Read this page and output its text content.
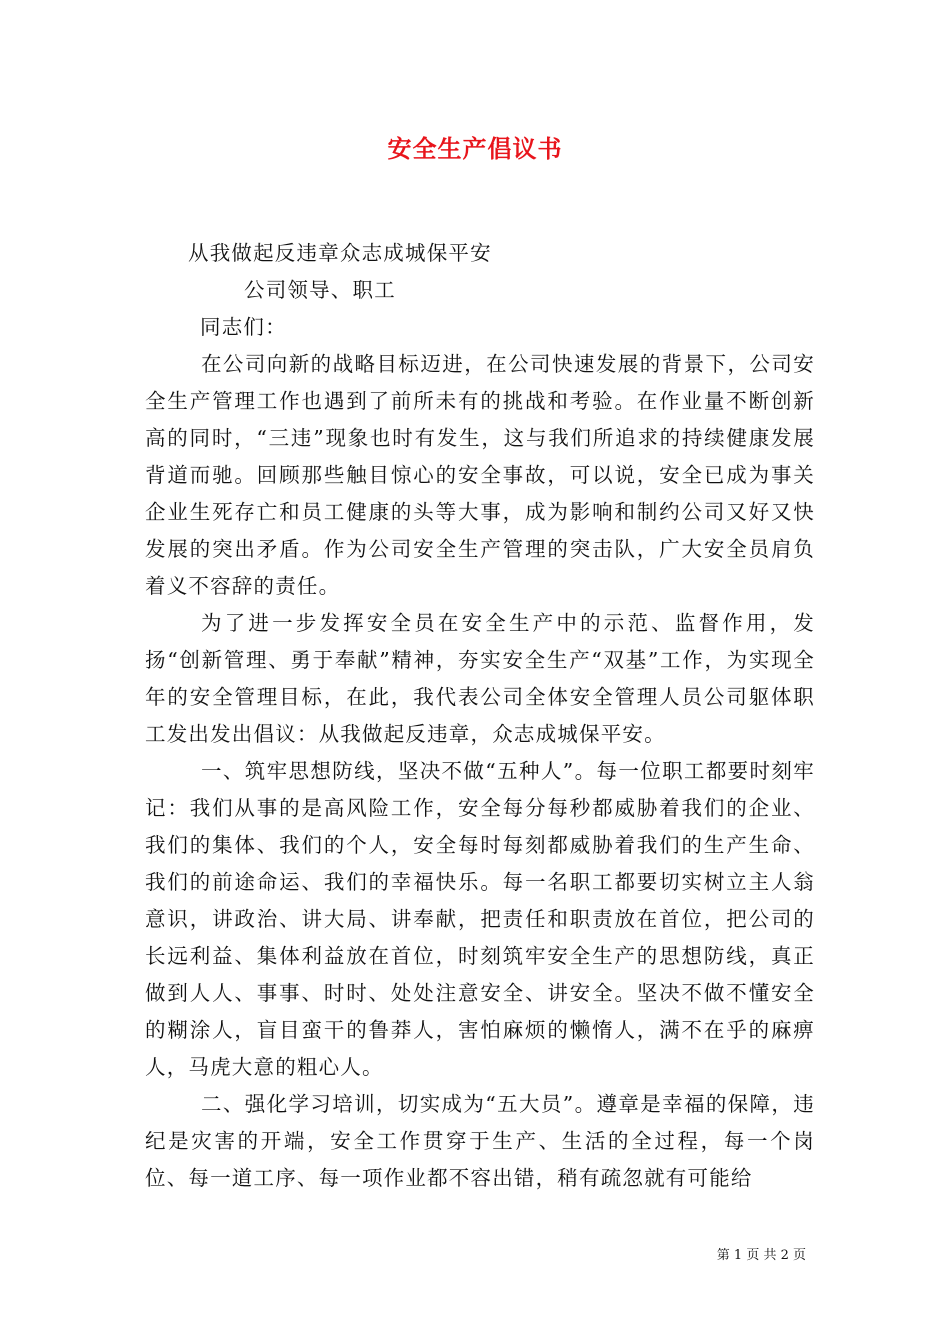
安全生产倡议书

从我做起反违章众志成城保平安

公司领导、职工

同志们：

在公司向新的战略目标迈进，在公司快速发展的背景下，公司安全生产管理工作也遇到了前所未有的挑战和考验。在作业量不断创新高的同时，“三违”现象也时有发生，这与我们所追求的持续健康发展背道而驰。回顾那些触目惊心的安全事故，可以说，安全已成为事关企业生死存亡和员工健康的头等大事，成为影响和制约公司又好又快发展的突出矛盾。作为公司安全生产管理的突击队，广大安全员肩负着义不容辞的责任。

为了进一步发挥安全员在安全生产中的示范、监督作用，发扬“创新管理、勇于奉献”精神，夯实安全生产“双基”工作，为实现全年的安全管理目标，在此，我代表公司全体安全管理人员公司躯体职工发出发出倡议：从我做起反违章，众志成城保平安。

一、筑牢思想防线，坚决不做“五种人”。每一位职工都要时刻牢记：我们从事的是高风险工作，安全每分每秒都威胁着我们的企业、我们的集体、我们的个人，安全每时每刻都威胁着我们的生产生命、我们的前途命运、我们的幸福快乐。每一名职工都要切实树立主人翁意识，讲政治、讲大局、讲奉献，把责任和职责放在首位，把公司的长远利益、集体利益放在首位，时刻筑牢安全生产的思想防线，真正做到人人、事事、时时、处处注意安全、讲安全。坚决不做不懂安全的糊涂人，盲目蛮干的鲁莽人，害怕麻烦的懒惰人，满不在乎的麻痹人，马虎大意的粗心人。

二、强化学习培训，切实成为“五大员”。遵章是幸福的保障，违纪是灾害的开端，安全工作贯穿于生产、生活的全过程，每一个岗位、每一道工序、每一项作业都不容出错，稍有疏忽就有可能给

第 1 页 共 2 页
